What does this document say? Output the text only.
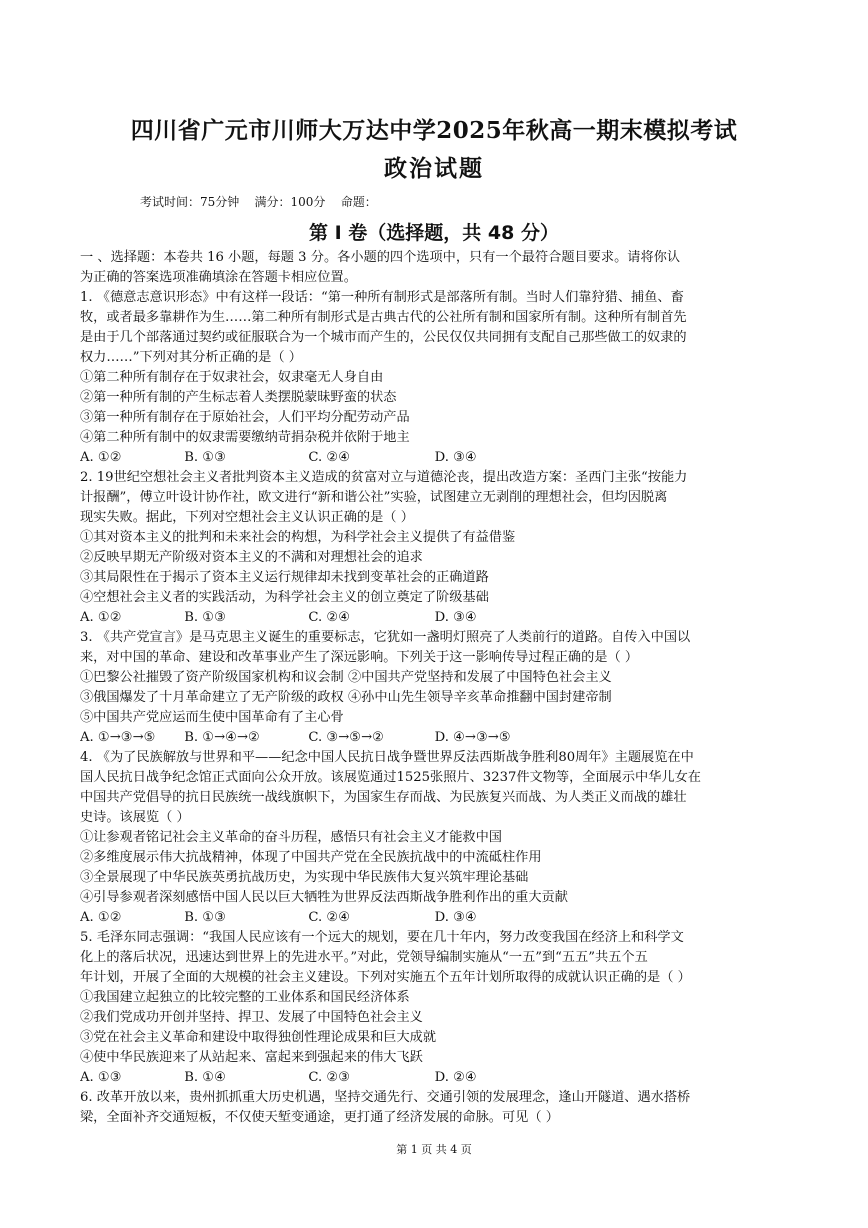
四川省广元市川师大万达中学2025年秋高一期末模拟考试
政治试题
考试时间：75分钟    满分：100分    命题：
第 Ⅰ 卷（选择题，共 48 分）
一 、选择题：本卷共 16 小题，每题 3 分。各小题的四个选项中，只有一个最符合题目要求。请将你认
为正确的答案选项准确填涂在答题卡相应位置。
1. 《德意志意识形态》中有这样一段话：“第一种所有制形式是部落所有制。当时人们靠狩猎、捕鱼、畜
牧，或者最多靠耕作为生……第二种所有制形式是古典古代的公社所有制和国家所有制。这种所有制首先
是由于几个部落通过契约或征服联合为一个城市而产生的，公民仅仅共同拥有支配自己那些做工的奴隶的
权力……”下列对其分析正确的是（ ）
①第二种所有制存在于奴隶社会，奴隶毫无人身自由
②第一种所有制的产生标志着人类摆脱蒙昧野蛮的状态
③第一种所有制存在于原始社会，人们平均分配劳动产品
④第二种所有制中的奴隶需要缴纳苛捐杂税并依附于地主
A. ①②	B. ①③	C. ②④	D. ③④
2. 19世纪空想社会主义者批判资本主义造成的贫富对立与道德沦丧，提出改造方案：圣西门主张“按能力
计报酬”，傅立叶设计协作社，欧文进行“新和谐公社”实验，试图建立无剥削的理想社会，但均因脱离
现实失败。据此，下列对空想社会主义认识正确的是（ ）
①其对资本主义的批判和未来社会的构想，为科学社会主义提供了有益借鉴
②反映早期无产阶级对资本主义的不满和对理想社会的追求
③其局限性在于揭示了资本主义运行规律却未找到变革社会的正确道路
④空想社会主义者的实践活动，为科学社会主义的创立奠定了阶级基础
A. ①②	B. ①③	C. ②④	D. ③④
3. 《共产党宣言》是马克思主义诞生的重要标志，它犹如一盏明灯照亮了人类前行的道路。自传入中国以
来，对中国的革命、建设和改革事业产生了深远影响。下列关于这一影响传导过程正确的是（ ）
①巴黎公社摧毁了资产阶级国家机构和议会制 ②中国共产党坚持和发展了中国特色社会主义
③俄国爆发了十月革命建立了无产阶级的政权 ④孙中山先生领导辛亥革命推翻中国封建帝制
⑤中国共产党应运而生使中国革命有了主心骨
A. ①→③→⑤ B. ①→④→②	C. ③→⑤→②	D. ④→③→⑤
4. 《为了民族解放与世界和平——纪念中国人民抗日战争暨世界反法西斯战争胜利80周年》主题展览在中
国人民抗日战争纪念馆正式面向公众开放。该展览通过1525张照片、3237件文物等，全面展示中华儿女在
中国共产党倡导的抗日民族统一战线旗帜下，为国家生存而战、为民族复兴而战、为人类正义而战的雄壮
史诗。该展览（ ）
①让参观者铭记社会主义革命的奋斗历程，感悟只有社会主义才能救中国
②多维度展示伟大抗战精神，体现了中国共产党在全民族抗战中的中流砥柱作用
③全景展现了中华民族英勇抗战历史，为实现中华民族伟大复兴筑牢理论基础
④引导参观者深刻感悟中国人民以巨大牺牲为世界反法西斯战争胜利作出的重大贡献
A. ①②	B. ①③	C. ②④	D. ③④
5. 毛泽东同志强调：“我国人民应该有一个远大的规划，要在几十年内，努力改变我国在经济上和科学文
化上的落后状况，迅速达到世界上的先进水平。”对此，党领导编制实施从“一五”到“五五”共五个五
年计划，开展了全面的大规模的社会主义建设。下列对实施五个五年计划所取得的成就认识正确的是（ ）
①我国建立起独立的比较完整的工业体系和国民经济体系
②我们党成功开创并坚持、捍卫、发展了中国特色社会主义
③党在社会主义革命和建设中取得独创性理论成果和巨大成就
④使中华民族迎来了从站起来、富起来到强起来的伟大飞跃
A. ①③	B. ①④	C. ②③	D. ②④
6. 改革开放以来，贵州抓抓重大历史机遇，坚持交通先行、交通引领的发展理念，逢山开隧道、遇水搭桥
梁，全面补齐交通短板，不仅使天堑变通途，更打通了经济发展的命脉。可见（ ）
第 1 页 共 4 页
